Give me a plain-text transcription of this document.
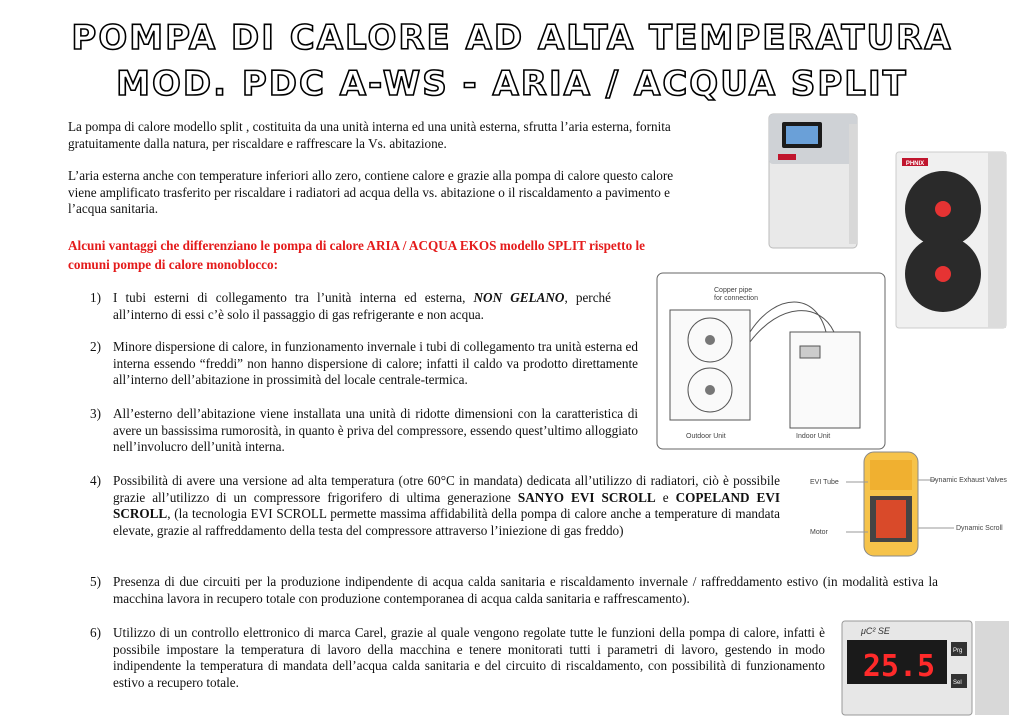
POMPA DI CALORE AD ALTA TEMPERATURA
MOD. PDC A-WS - ARIA / ACQUA SPLIT
La pompa di calore modello split , costituita da una unità interna ed una unità esterna, sfrutta l’aria esterna, fornita
gratuitamente dalla natura, per riscaldare e raffrescare la Vs. abitazione.
L’aria esterna anche con temperature inferiori allo zero, contiene calore e grazie alla pompa di calore questo calore
viene amplificato trasferito per riscaldare i radiatori ad acqua della vs. abitazione o il riscaldamento a pavimento e
l’acqua sanitaria.
Alcuni vantaggi che differenziano le pompa di calore ARIA / ACQUA EKOS modello SPLIT rispetto le
comuni pompe di calore monoblocco:
1) I tubi esterni di collegamento tra l’unità interna ed esterna, NON GELANO, perché all’interno di essi c’è solo il passaggio di gas refrigerante e non acqua.
2) Minore dispersione di calore, in funzionamento invernale i tubi di collegamento tra unità esterna ed interna essendo “freddi” non hanno dispersione di calore; infatti il caldo va prodotto direttamente all’interno dell’abitazione in prossimità del locale centrale-termica.
3) All’esterno dell’abitazione viene installata una unità di ridotte dimensioni con la caratteristica di avere un bassissima rumorosità, in quanto è priva del compressore, essendo quest’ultimo alloggiato nell’involucro dell’unità interna.
4) Possibilità di avere una versione ad alta temperatura (otre 60°C in mandata) dedicata all’utilizzo di radiatori, ciò è possibile grazie all’utilizzo di un compressore frigorifero di ultima generazione SANYO EVI SCROLL e COPELAND EVI SCROLL, (la tecnologia EVI SCROLL permette massima affidabilità della pompa di calore anche a temperature di mandata elevate, grazie al raffreddamento della testa del compressore attraverso l’iniezione di gas freddo)
5) Presenza di due circuiti per la produzione indipendente di acqua calda sanitaria e riscaldamento invernale / raffreddamento estivo (in modalità estiva la macchina lavora in recupero totale con produzione contemporanea di acqua calda sanitaria e raffrescamento).
6) Utilizzo di un controllo elettronico di marca Carel, grazie al quale vengono regolate tutte le funzioni della pompa di calore, infatti è possibile impostare la temperatura di lavoro della macchina e tenere monitorati tutti i parametri di lavoro, gestendo in modo indipendente la temperatura di mandata dell’acqua calda sanitaria e del circuito di riscaldamento, con possibilità di funzionamento estivo a recupero totale.
PHNIX
Copper pipe
for connection
Outdoor Unit	Indoor Unit
EVI Tube
Motor
Dynamic Exhaust Valves
Dynamic Scroll
μC² SE
25.5	Prg
Sel
